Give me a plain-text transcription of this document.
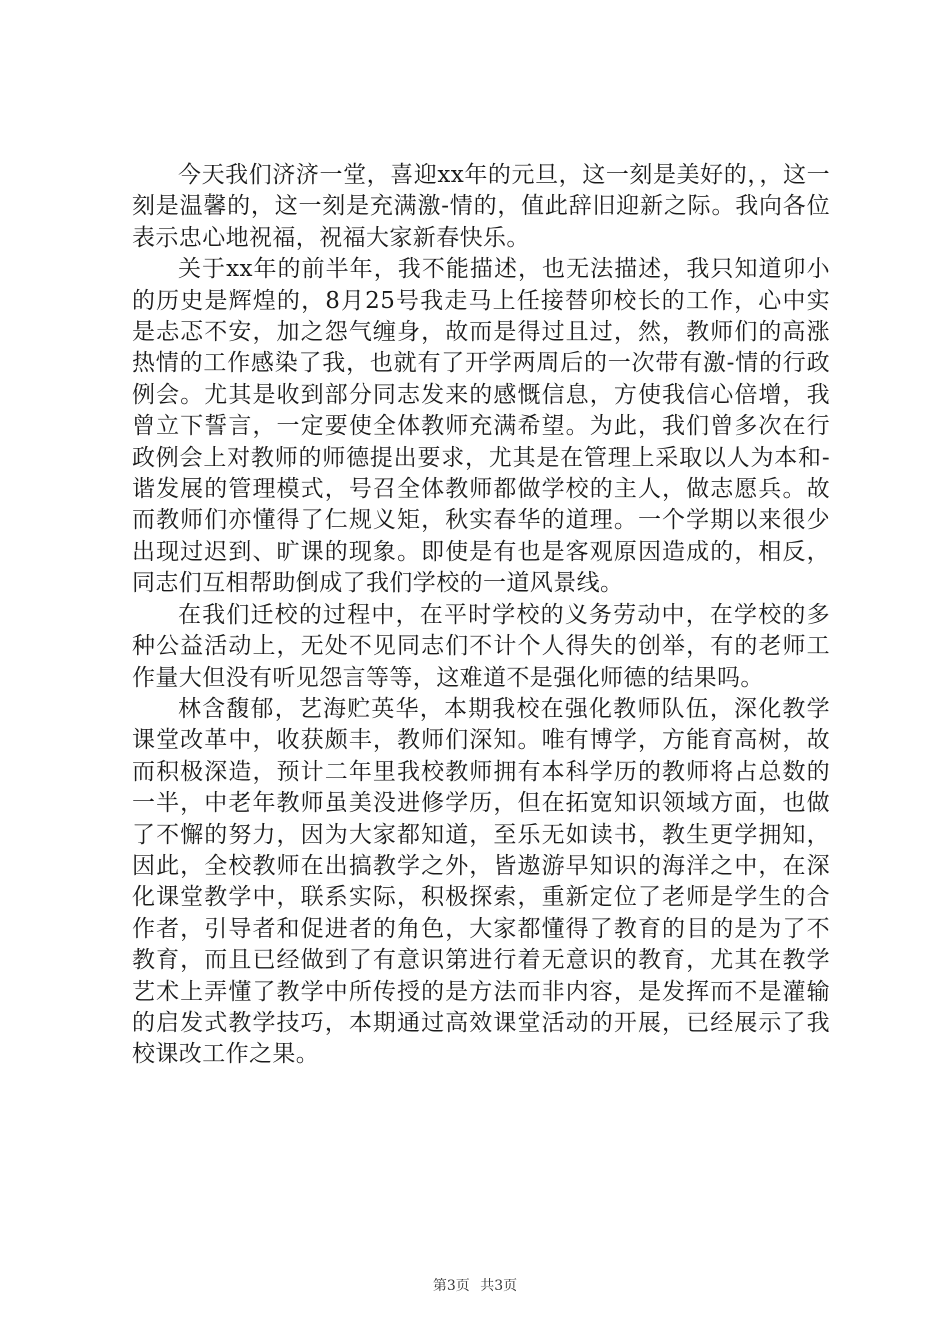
今天我们济济一堂，喜迎xx年的元旦，这一刻是美好的，，这一刻是温馨的，这一刻是充满激-情的，值此辞旧迎新之际。我向各位表示忠心地祝福，祝福大家新春快乐。

关于xx年的前半年，我不能描述，也无法描述，我只知道卯小的历史是辉煌的，8月25号我走马上任接替卯校长的工作，心中实是忐忑不安，加之怨气缠身，故而是得过且过，然，教师们的高涨热情的工作感染了我，也就有了开学两周后的一次带有激-情的行政例会。尤其是收到部分同志发来的感慨信息，方使我信心倍增，我曾立下誓言，一定要使全体教师充满希望。为此，我们曾多次在行政例会上对教师的师德提出要求，尤其是在管理上采取以人为本和-谐发展的管理模式，号召全体教师都做学校的主人，做志愿兵。故而教师们亦懂得了仁规义矩，秋实春华的道理。一个学期以来很少出现过迟到、旷课的现象。即使是有也是客观原因造成的，相反，同志们互相帮助倒成了我们学校的一道风景线。

在我们迁校的过程中，在平时学校的义务劳动中，在学校的多种公益活动上，无处不见同志们不计个人得失的创举，有的老师工作量大但没有听见怨言等等，这难道不是强化师德的结果吗。

林含馥郁，艺海贮英华，本期我校在强化教师队伍，深化教学课堂改革中，收获颇丰，教师们深知。唯有博学，方能育高树，故而积极深造，预计二年里我校教师拥有本科学历的教师将占总数的一半，中老年教师虽美没进修学历，但在拓宽知识领域方面，也做了不懈的努力，因为大家都知道，至乐无如读书，教生更学拥知，因此，全校教师在出搞教学之外，皆遨游早知识的海洋之中，在深化课堂教学中，联系实际，积极探索，重新定位了老师是学生的合作者，引导者和促进者的角色，大家都懂得了教育的目的是为了不教育，而且已经做到了有意识第进行着无意识的教育，尤其在教学艺术上弄懂了教学中所传授的是方法而非内容，是发挥而不是灌输的启发式教学技巧，本期通过高效课堂活动的开展，已经展示了我校课改工作之果。

第3页 共3页
